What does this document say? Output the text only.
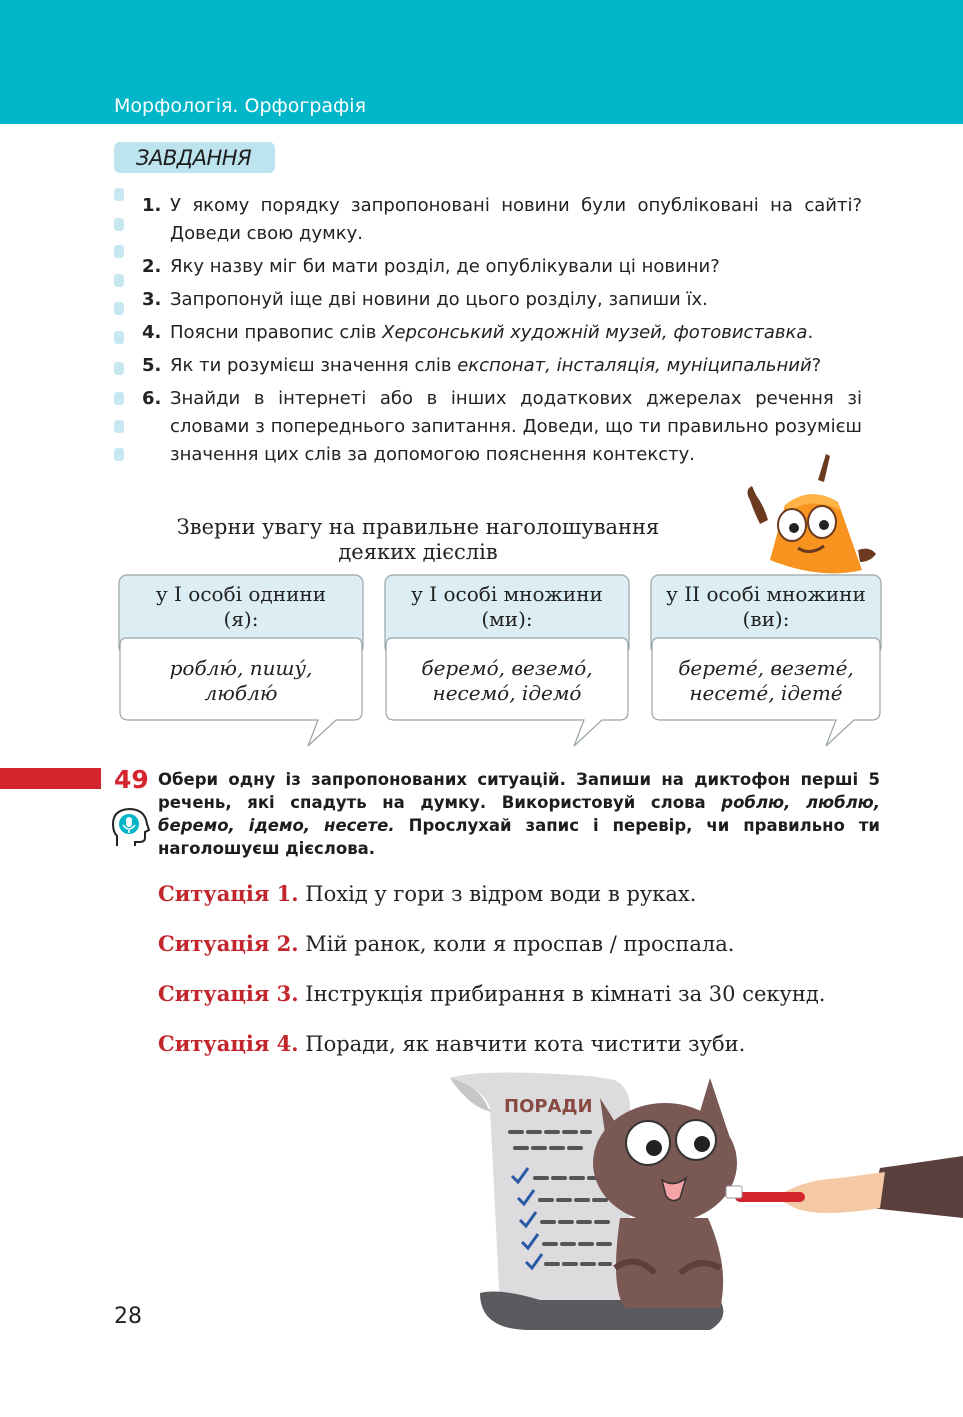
Морфологія. Орфографія
ЗАВДАННЯ
1. У якому порядку запропоновані новини були опубліковані на сайті? Доведи свою думку.
2. Яку назву міг би мати розділ, де опублікували ці новини?
3. Запропонуй іще дві новини до цього розділу, запиши їх.
4. Поясни правопис слів Херсонський художній музей, фотовиставка.
5. Як ти розумієш значення слів експонат, інсталяція, муніципальний?
6. Знайди в інтернеті або в інших додаткових джерелах речення зі словами з попереднього запитання. Доведи, що ти правильно розумієш значення цих слів за допомогою пояснення контексту.
Зверни увагу на правильне наголошування
деяких дієслів
у І особі однини
(я):
роблю́, пишу́,
люблю́
у І особі множини
(ми):
беремо́, веземо́,
несемо́, ідемо́
у ІІ особі множини
(ви):
берете́, везете́,
несете́, ідете́
49 Обери одну із запропонованих ситуацій. Запиши на диктофон перші 5 речень, які спадуть на думку. Використовуй слова роблю, люблю, беремо, ідемо, несете. Прослухай запис і перевір, чи правильно ти наголошуєш дієслова.
Ситуація 1. Похід у гори з відром води в руках.
Ситуація 2. Мій ранок, коли я проспав / проспала.
Ситуація 3. Інструкція прибирання в кімнаті за 30 секунд.
Ситуація 4. Поради, як навчити кота чистити зуби.
ПОРАДИ
28
